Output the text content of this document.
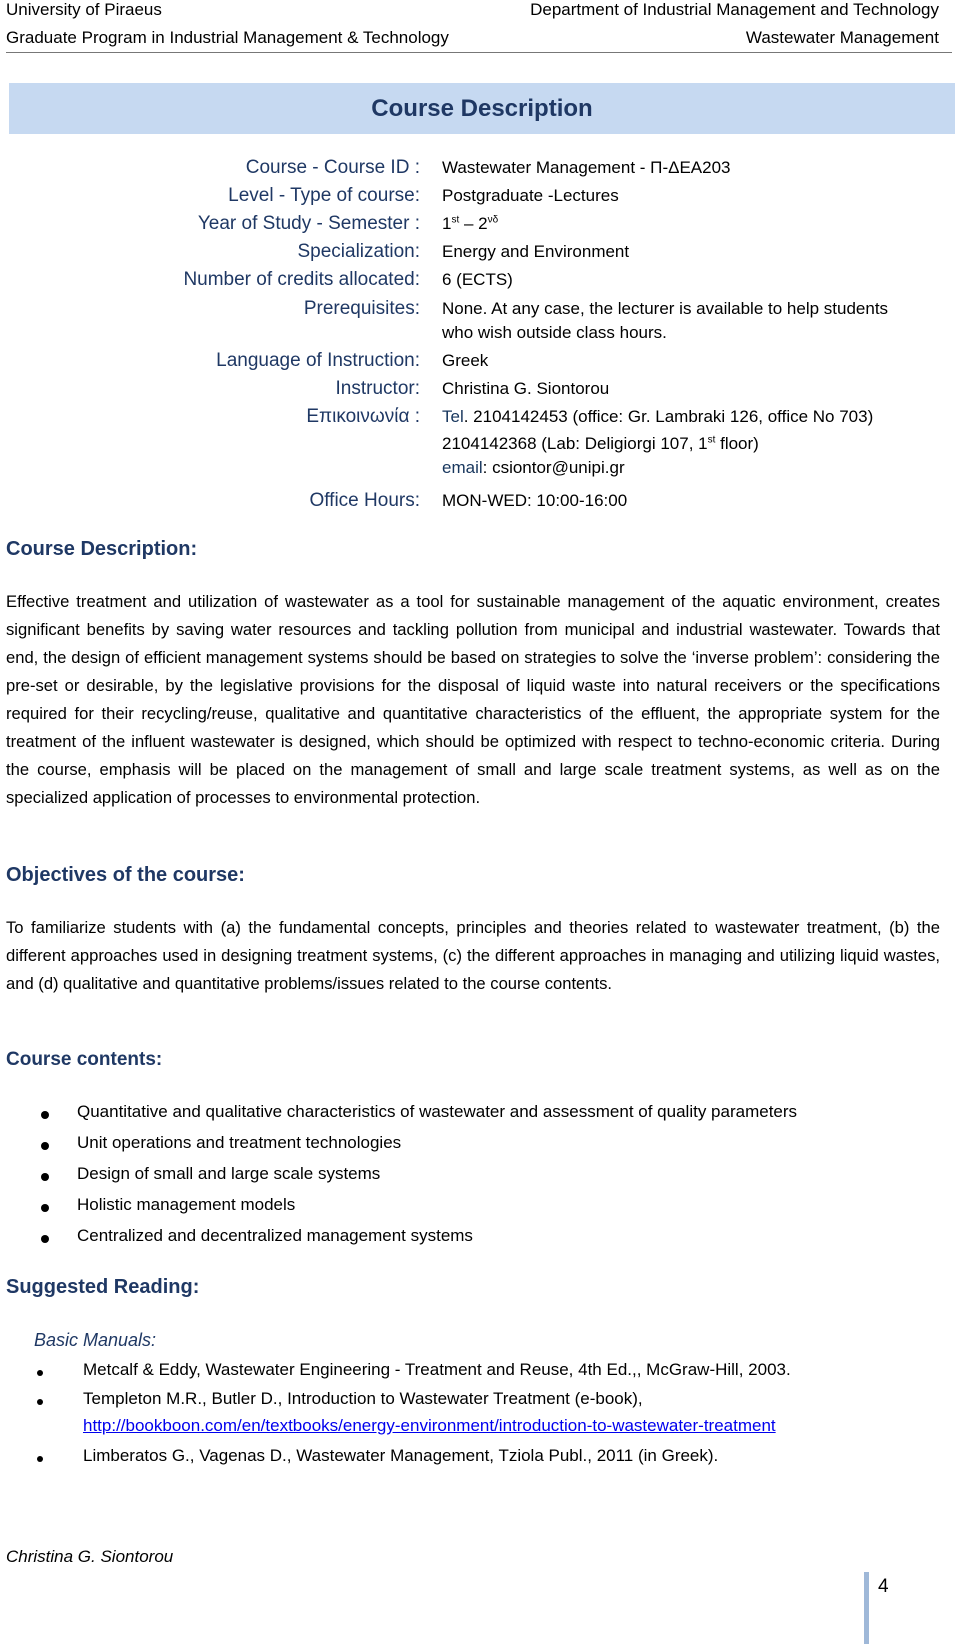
University of Piraeus	Department of Industrial Management and Technology
Graduate Program in Industrial Management & Technology	Wastewater Management
Course Description
Course - Course ID : Wastewater Management - Π-ΔΕΑ203
Level - Type of course: Postgraduate -Lectures
Year of Study - Semester : $1st - 2^{\nu\delta}$
Specialization: Energy and Environment
Number of credits allocated: 6 (ECTS)
Prerequisites: None. At any case, the lecturer is available to help students
who wish outside class hours.
Language of Instruction: Greek
Instructor: Christina G. Siontorou
Επικοινωνία : Tel. 2104142453 (office: Gr. Lambraki 126, office No 703)
2104142368 (Lab: Deligiorgi 107, 1st floor)
email: csiontor@unipi.gr
Office Hours: MON-WED: 10:00-16:00
Course Description:

Effective treatment and utilization of wastewater as a tool for sustainable management of the aquatic environment, creates significant benefits by saving water resources and tackling pollution from municipal and industrial wastewater. Towards that end, the design of efficient management systems should be based on strategies to solve the ‘inverse problem’: considering the pre-set or desirable, by the legislative provisions for the disposal of liquid waste into natural receivers or the specifications required for their recycling/reuse, qualitative and quantitative characteristics of the effluent, the appropriate system for the treatment of the influent wastewater is designed, which should be optimized with respect to techno-economic criteria. During the course, emphasis will be placed on the management of small and large scale treatment systems, as well as on the specialized application of processes to environmental protection.

Objectives of the course:

To familiarize students with (a) the fundamental concepts, principles and theories related to wastewater treatment, (b) the different approaches used in designing treatment systems, (c) the different approaches in managing and utilizing liquid wastes, and (d) qualitative and quantitative problems/issues related to the course contents.

Course contents:
Quantitative and qualitative characteristics of wastewater and assessment of quality parameters
Unit operations and treatment technologies
Design of small and large scale systems
Holistic management models
Centralized and decentralized management systems
Suggested Reading:
Basic Manuals:
Metcalf & Eddy, Wastewater Engineering - Treatment and Reuse, 4th Ed.,, McGraw-Hill, 2003.
Templeton M.R., Butler D., Introduction to Wastewater Treatment (e-book),
http://bookboon.com/en/textbooks/energy-environment/introduction-to-wastewater-treatment
Limberatos G., Vagenas D., Wastewater Management, Tziola Publ., 2011 (in Greek).
Christina G. Siontorou
4
